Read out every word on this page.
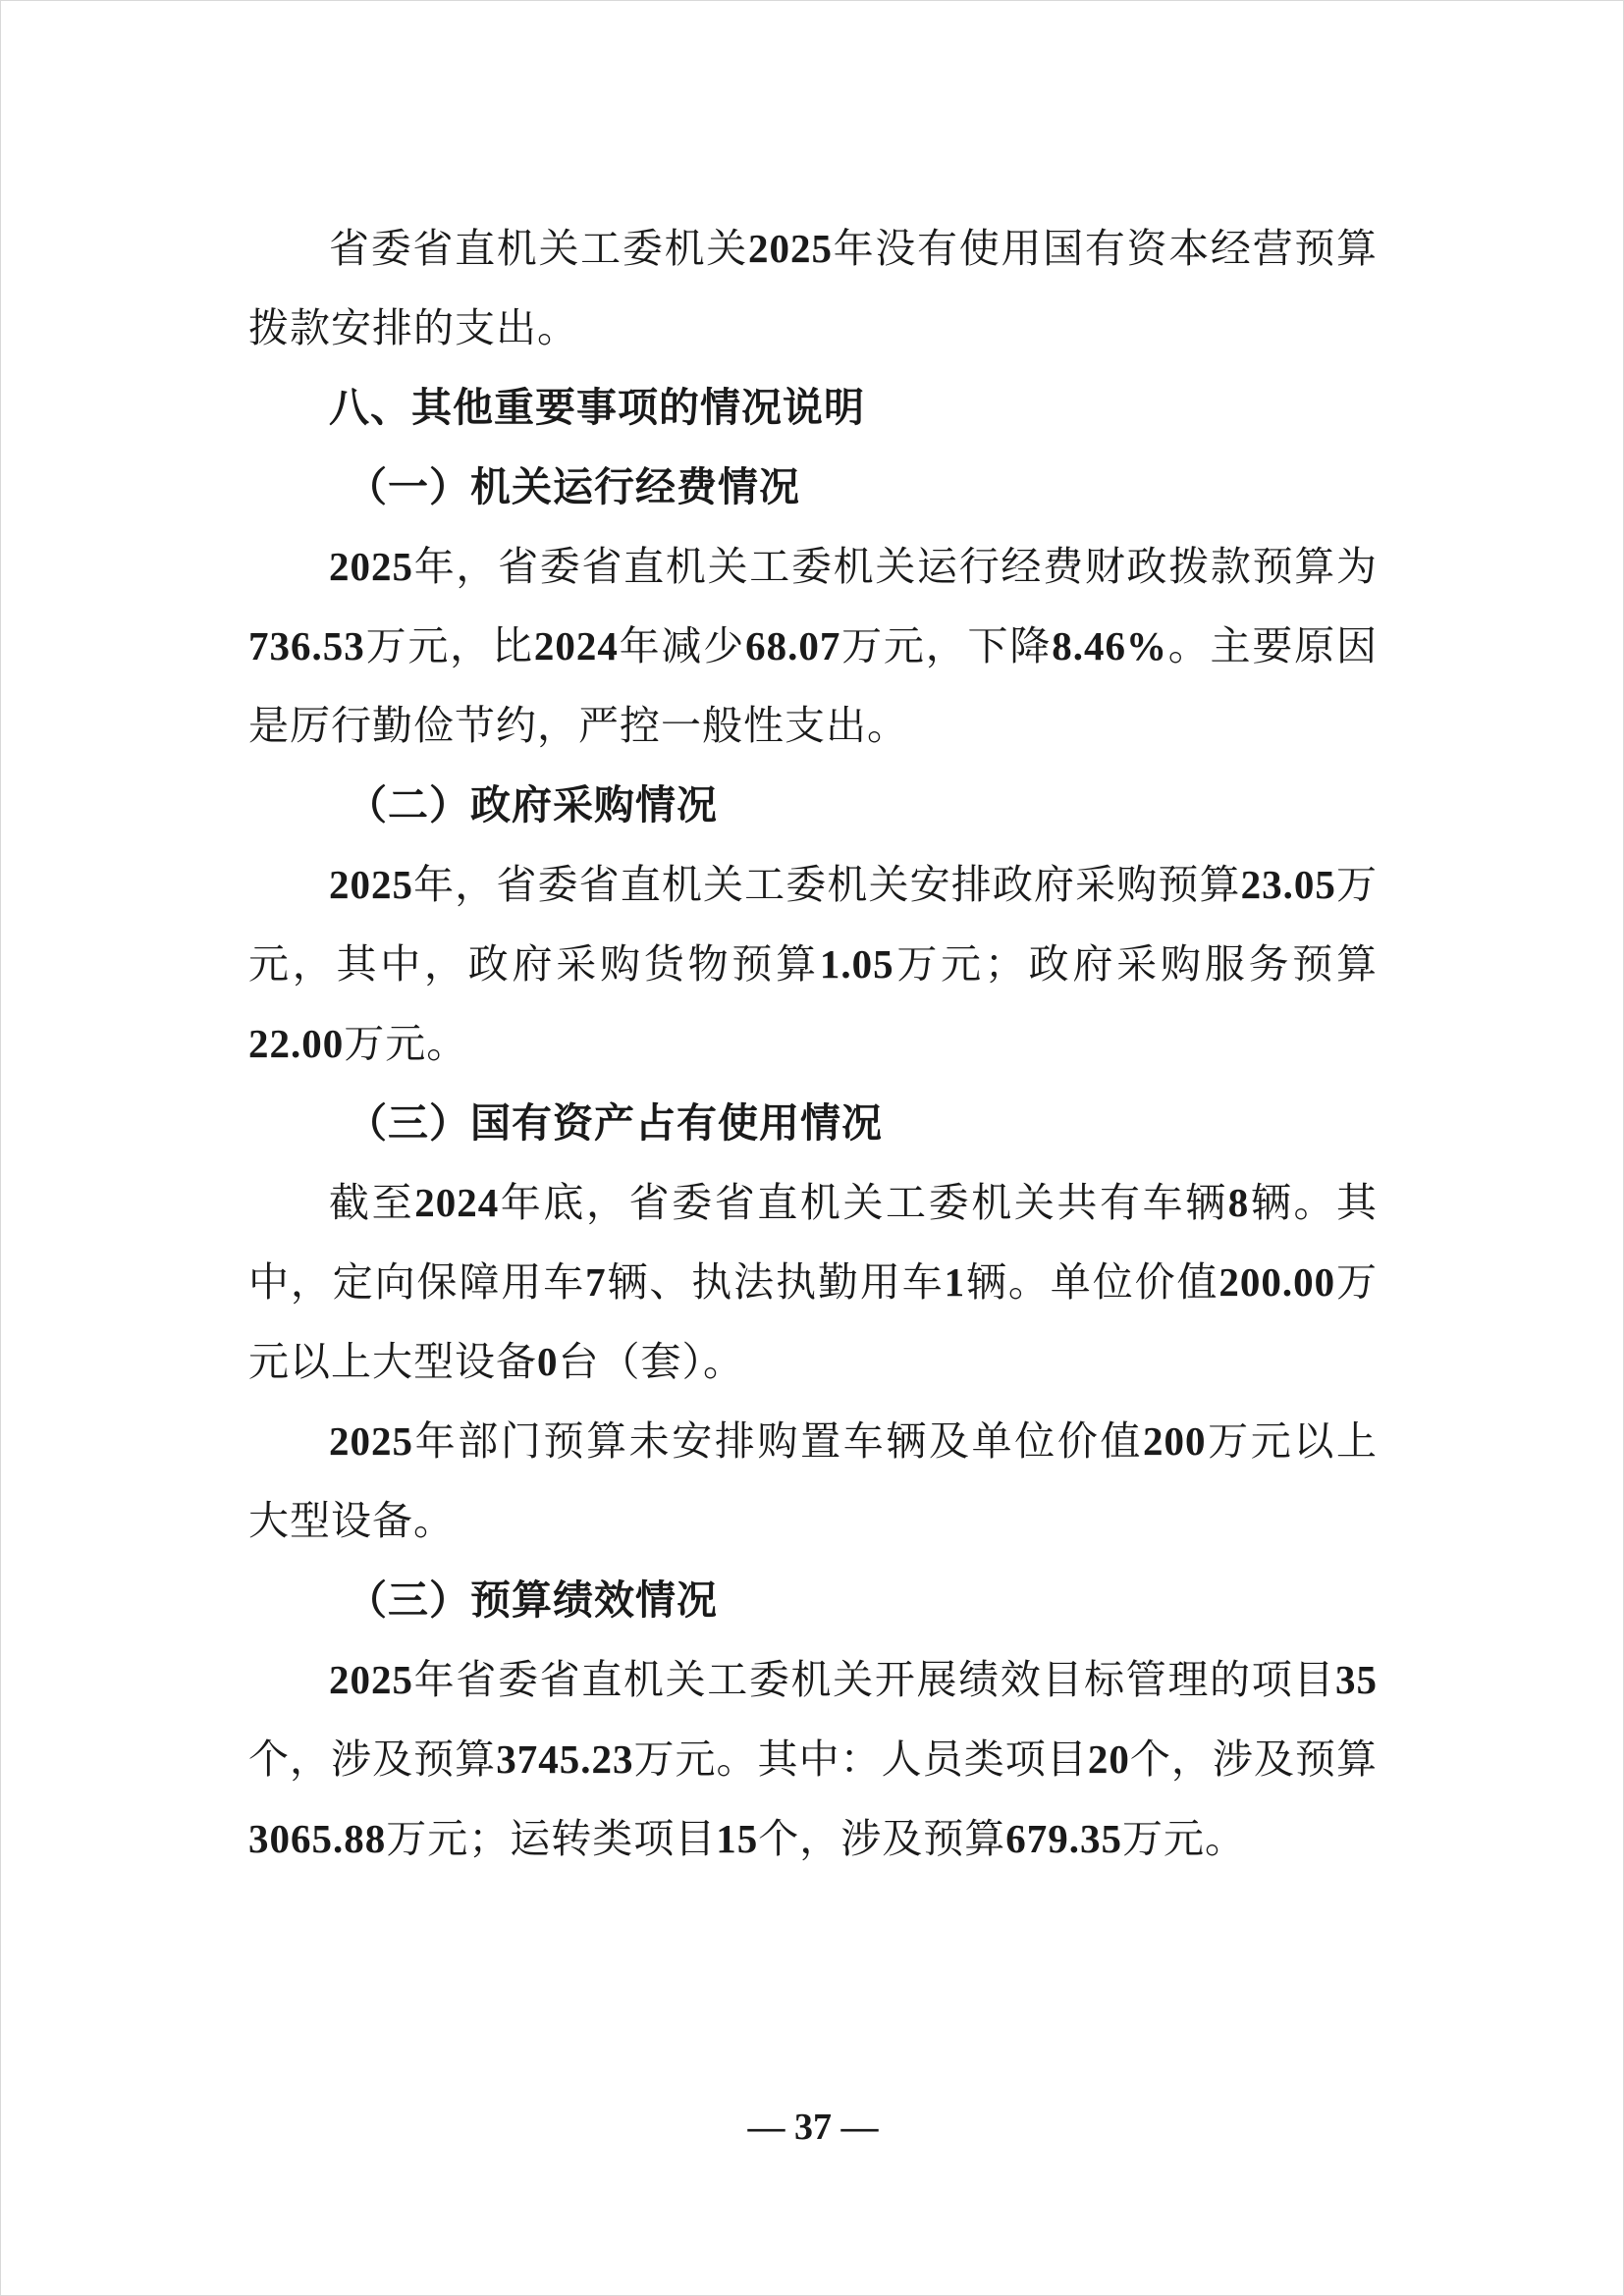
省委省直机关工委机关2025年没有使用国有资本经营预算拨款安排的支出。

八、其他重要事项的情况说明

（一）机关运行经费情况

2025年，省委省直机关工委机关运行经费财政拨款预算为736.53万元，比2024年减少68.07万元，下降8.46%。主要原因是厉行勤俭节约，严控一般性支出。

（二）政府采购情况

2025年，省委省直机关工委机关安排政府采购预算23.05万元，其中，政府采购货物预算1.05万元；政府采购服务预算22.00万元。

（三）国有资产占有使用情况

截至2024年底，省委省直机关工委机关共有车辆8辆。其中，定向保障用车7辆、执法执勤用车1辆。单位价值200.00万元以上大型设备0台（套）。

2025年部门预算未安排购置车辆及单位价值200万元以上大型设备。

（三）预算绩效情况

2025年省委省直机关工委机关开展绩效目标管理的项目35个，涉及预算3745.23万元。其中：人员类项目20个，涉及预算3065.88万元；运转类项目15个，涉及预算679.35万元。

— 37 —
